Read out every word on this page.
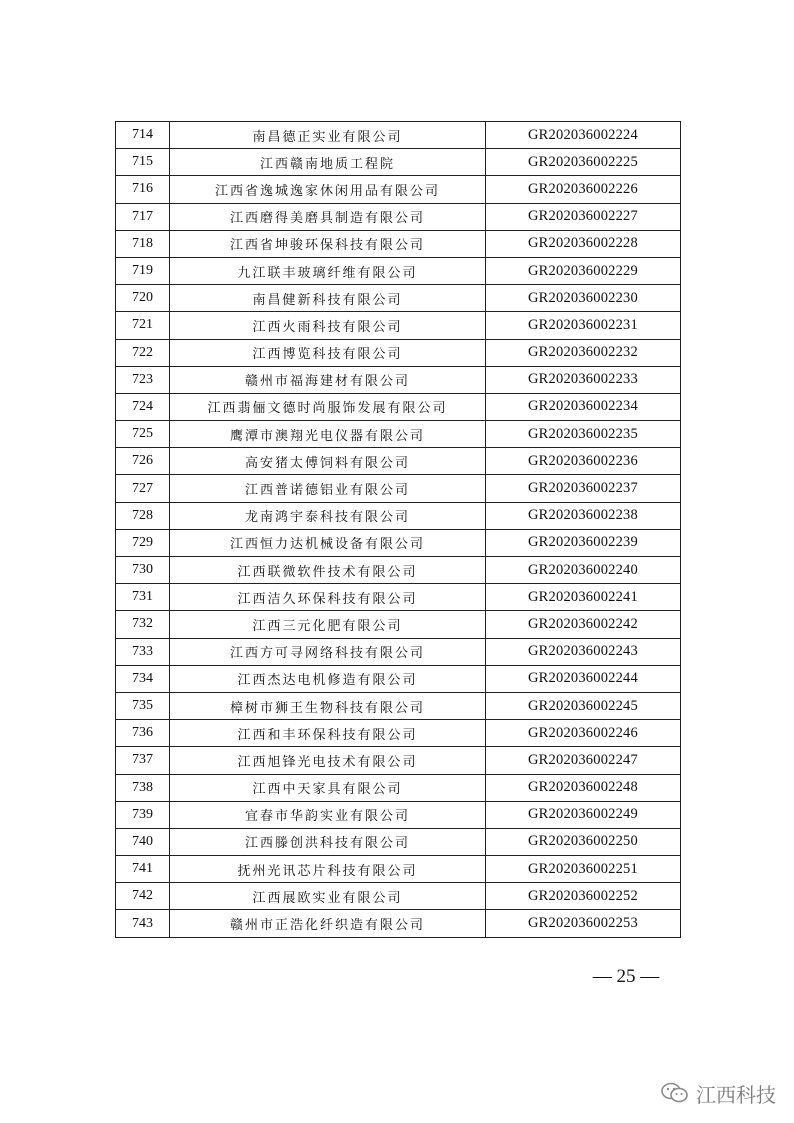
714	南昌德正实业有限公司	GR202036002224
715	江西赣南地质工程院	GR202036002225
716	江西省逸城逸家休闲用品有限公司	GR202036002226
717	江西磨得美磨具制造有限公司	GR202036002227
718	江西省坤骏环保科技有限公司	GR202036002228
719	九江联丰玻璃纤维有限公司	GR202036002229
720	南昌健新科技有限公司	GR202036002230
721	江西火雨科技有限公司	GR202036002231
722	江西博览科技有限公司	GR202036002232
723	赣州市福海建材有限公司	GR202036002233
724	江西翡俪文德时尚服饰发展有限公司	GR202036002234
725	鹰潭市澳翔光电仪器有限公司	GR202036002235
726	高安猪太傅饲料有限公司	GR202036002236
727	江西普诺德铝业有限公司	GR202036002237
728	龙南鸿宇泰科技有限公司	GR202036002238
729	江西恒力达机械设备有限公司	GR202036002239
730	江西联微软件技术有限公司	GR202036002240
731	江西洁久环保科技有限公司	GR202036002241
732	江西三元化肥有限公司	GR202036002242
733	江西方可寻网络科技有限公司	GR202036002243
734	江西杰达电机修造有限公司	GR202036002244
735	樟树市狮王生物科技有限公司	GR202036002245
736	江西和丰环保科技有限公司	GR202036002246
737	江西旭锋光电技术有限公司	GR202036002247
738	江西中天家具有限公司	GR202036002248
739	宜春市华韵实业有限公司	GR202036002249
740	江西滕创洪科技有限公司	GR202036002250
741	抚州光讯芯片科技有限公司	GR202036002251
742	江西展欧实业有限公司	GR202036002252
743	赣州市正浩化纤织造有限公司	GR202036002253
— 25 —
江西科技
